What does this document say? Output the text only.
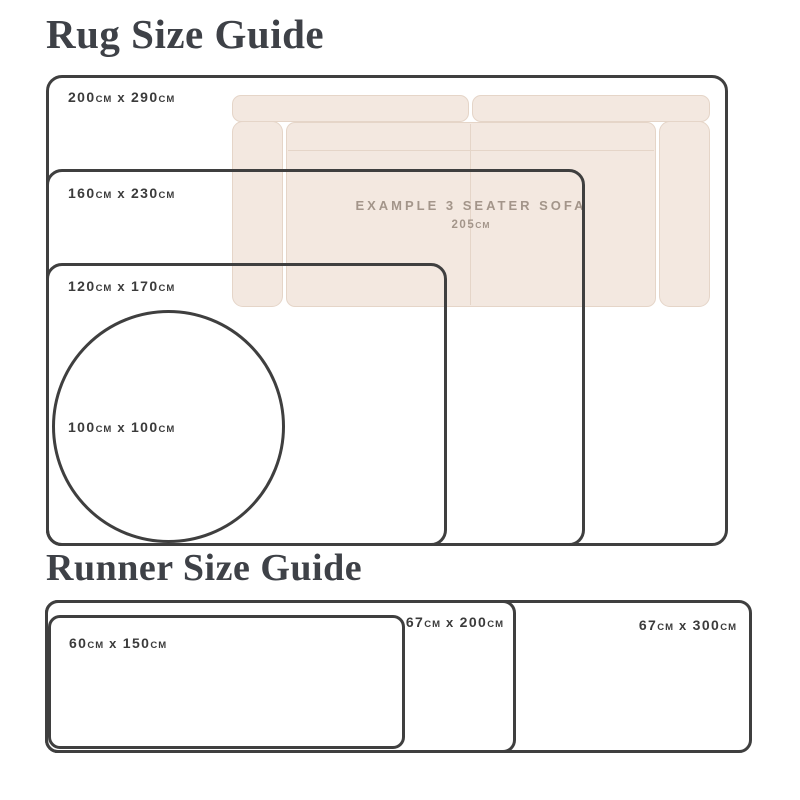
Rug Size Guide
EXAMPLE 3 SEATER SOFA
205CM
200CM x 290CM
160CM x 230CM
120CM x 170CM
100CM x 100CM
Runner Size Guide
67CM x 300CM
67CM x 200CM
60CM x 150CM
